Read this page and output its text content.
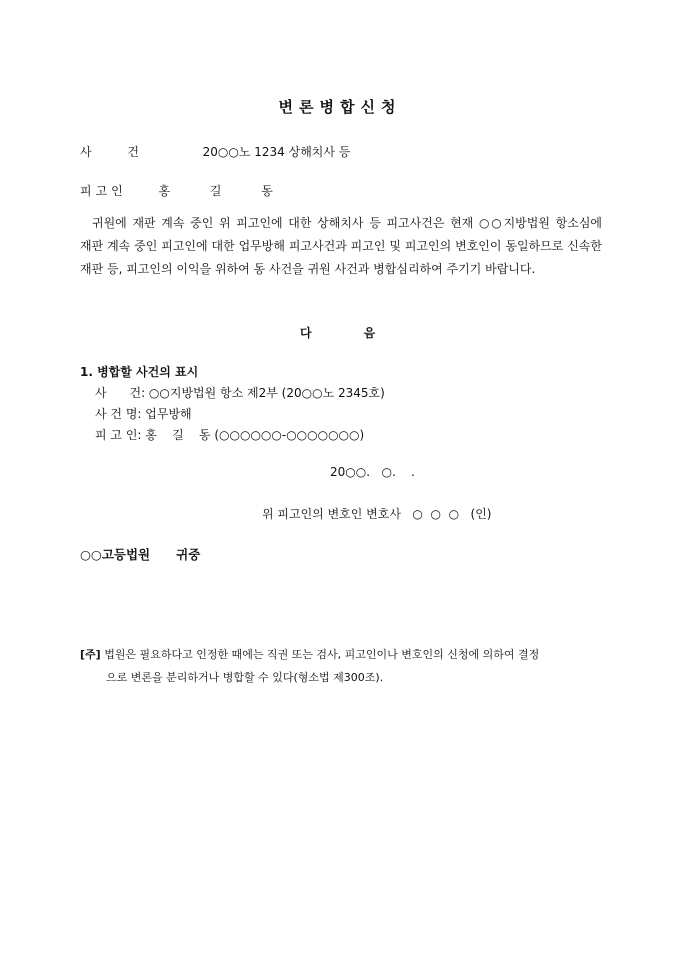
변론병합신청
사 건	20○○노 1234 상해치사 등
피고인	홍 길 동
귀원에 재판 계속 중인 위 피고인에 대한 상해치사 등 피고사건은 현재 ○○지방법원 항소심에 재판 계속 중인 피고인에 대한 업무방해 피고사건과 피고인 및 피고인의 변호인이 동일하므로 신속한 재판 등, 피고인의 이익을 위하여 동 사건을 귀원 사건과 병합심리하여 주기기 바랍니다.
다음
1. 병합할 사건의 표시
사      건: ○○지방법원 항소 제2부 (20○○노 2345호)
사 건 명: 업무방해
피 고 인: 홍    길    동 (○○○○○○-○○○○○○○)
20○○.   ○.    .
위 피고인의 변호인 변호사   ○  ○  ○   (인)
○○고등법원 귀중
[주] 법원은 필요하다고 인정한 때에는 직권 또는 검사, 피고인이나 변호인의 신청에 의하여 결정
으로 변론을 분리하거나 병합할 수 있다(형소법 제300조).
